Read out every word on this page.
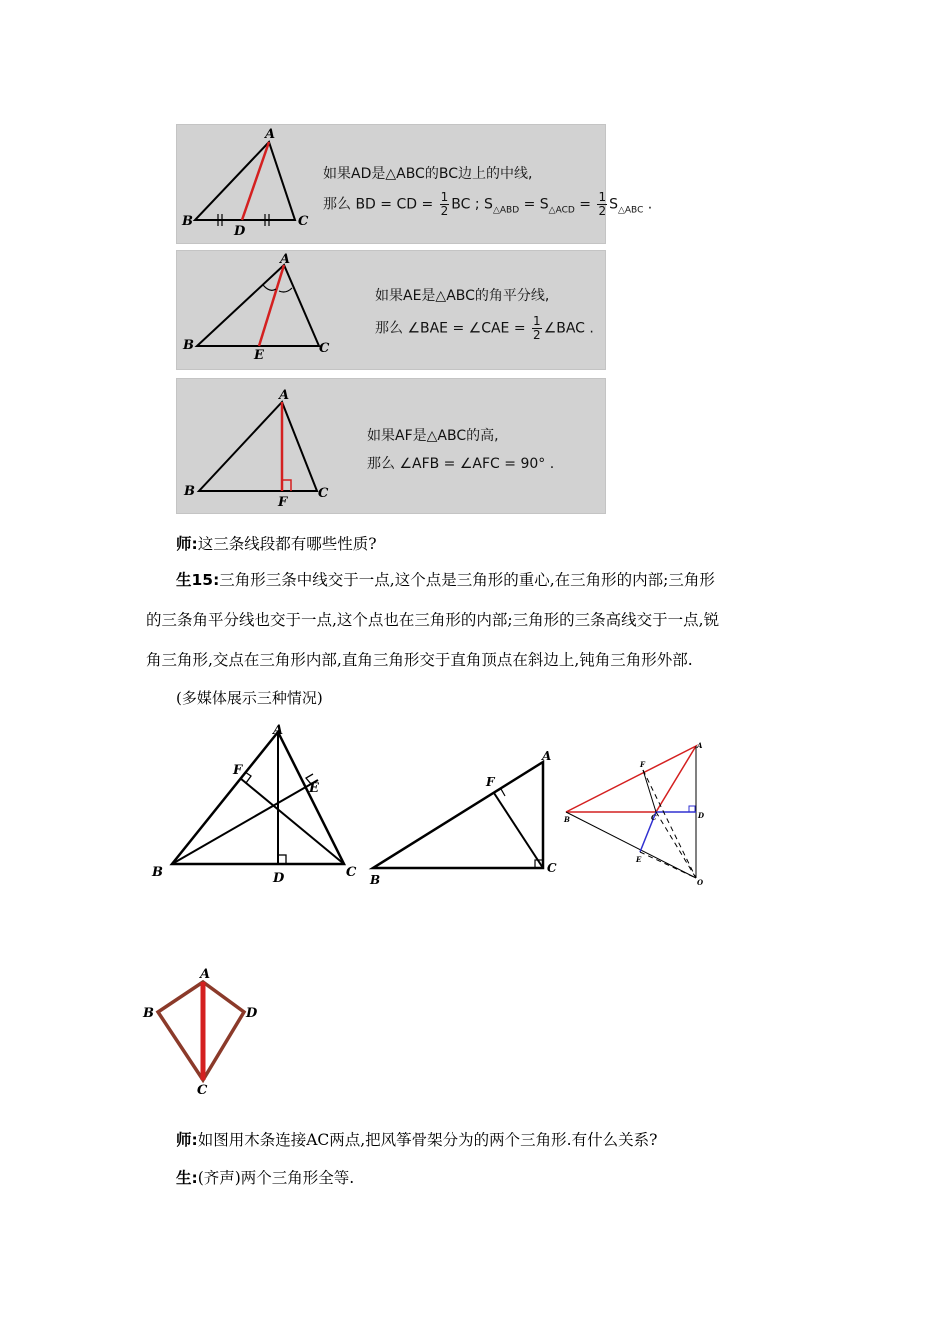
A
B	C
D
如果AD是△ABC的BC边上的中线,
那么 BD = CD = $\frac{1}{2}$ BC ; $S_{\triangle ABD} = S_{\triangle ACD} = \frac{1}{2} S_{\triangle ABC}$ .
A
B	C
E
如果AE是△ABC的角平分线,
那么 ∠BAE = ∠CAE = $\frac{1}{2}$ ∠BAC .
A
B	C
F
如果AF是△ABC的高,
那么 ∠AFB = ∠AFC = 90° .
师:这三条线段都有哪些性质?
生15:三角形三条中线交于一点,这个点是三角形的重心,在三角形的内部;三角形
的三条角平分线也交于一点,这个点也在三角形的内部;三角形的三条高线交于一点,锐
角三角形,交点在三角形内部,直角三角形交于直角顶点在斜边上,钝角三角形外部.
(多媒体展示三种情况)
A
B	C
D
E
F
A
B
C
F
A
B	C	D
E
F
O
A
B
C
D
师:如图用木条连接AC两点,把风筝骨架分为的两个三角形.有什么关系?
生:(齐声)两个三角形全等.
